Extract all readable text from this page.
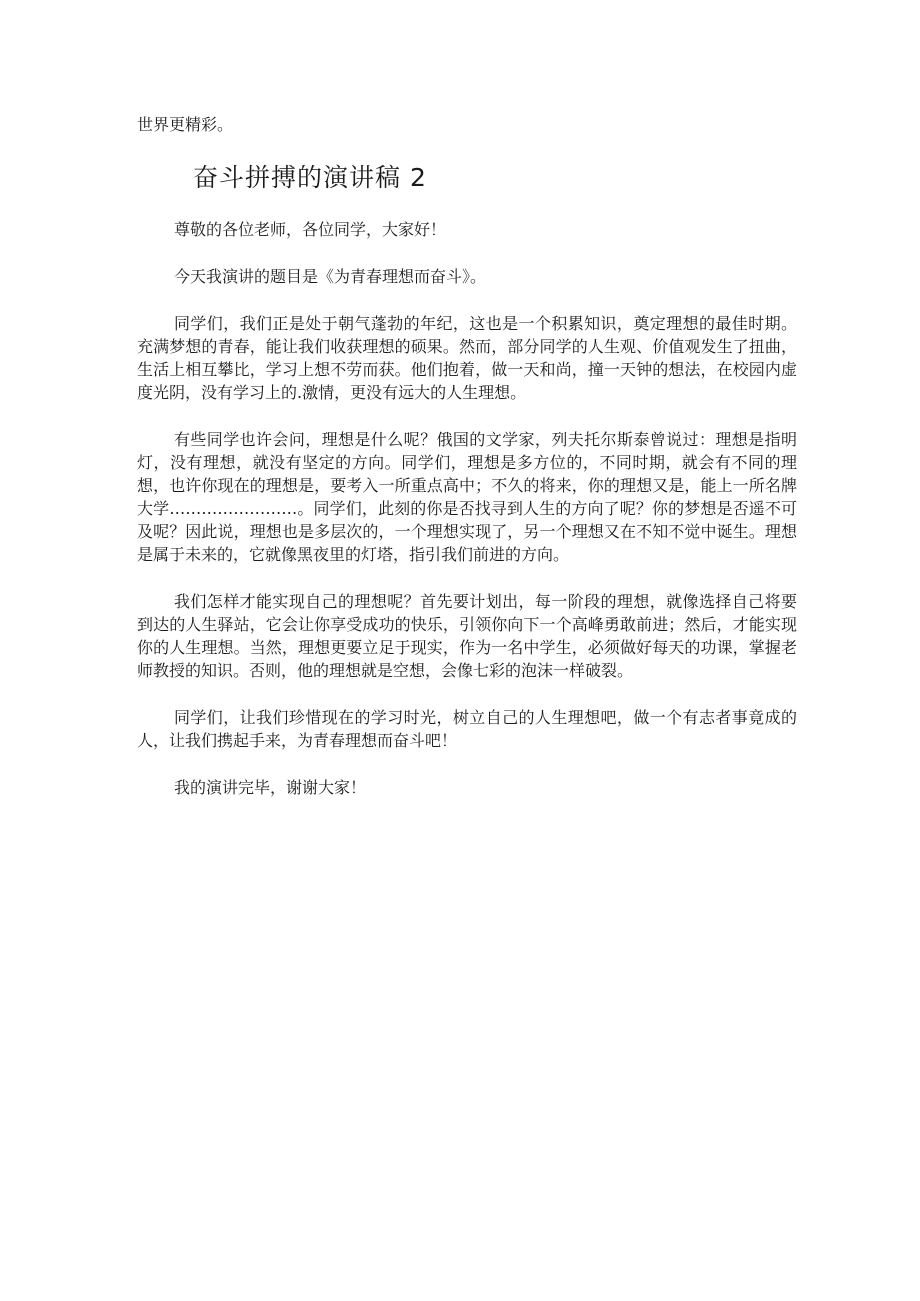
世界更精彩。
奋斗拼搏的演讲稿 2

尊敬的各位老师，各位同学，大家好！

今天我演讲的题目是《为青春理想而奋斗》。

同学们，我们正是处于朝气蓬勃的年纪，这也是一个积累知识，奠定理想的最佳时期。充满梦想的青春，能让我们收获理想的硕果。然而，部分同学的人生观、价值观发生了扭曲，生活上相互攀比，学习上想不劳而获。他们抱着，做一天和尚，撞一天钟的想法，在校园内虚度光阴，没有学习上的.激情，更没有远大的人生理想。

有些同学也许会问，理想是什么呢？俄国的文学家，列夫托尔斯泰曾说过：理想是指明灯，没有理想，就没有坚定的方向。同学们，理想是多方位的，不同时期，就会有不同的理想，也许你现在的理想是，要考入一所重点高中；不久的将来，你的理想又是，能上一所名牌大学……………………。同学们，此刻的你是否找寻到人生的方向了呢？你的梦想是否遥不可及呢？因此说，理想也是多层次的，一个理想实现了，另一个理想又在不知不觉中诞生。理想是属于未来的，它就像黑夜里的灯塔，指引我们前进的方向。

我们怎样才能实现自己的理想呢？首先要计划出，每一阶段的理想，就像选择自己将要到达的人生驿站，它会让你享受成功的快乐，引领你向下一个高峰勇敢前进；然后，才能实现你的人生理想。当然，理想更要立足于现实，作为一名中学生，必须做好每天的功课，掌握老师教授的知识。否则，他的理想就是空想，会像七彩的泡沫一样破裂。

同学们，让我们珍惜现在的学习时光，树立自己的人生理想吧，做一个有志者事竟成的人，让我们携起手来，为青春理想而奋斗吧！

我的演讲完毕，谢谢大家！
